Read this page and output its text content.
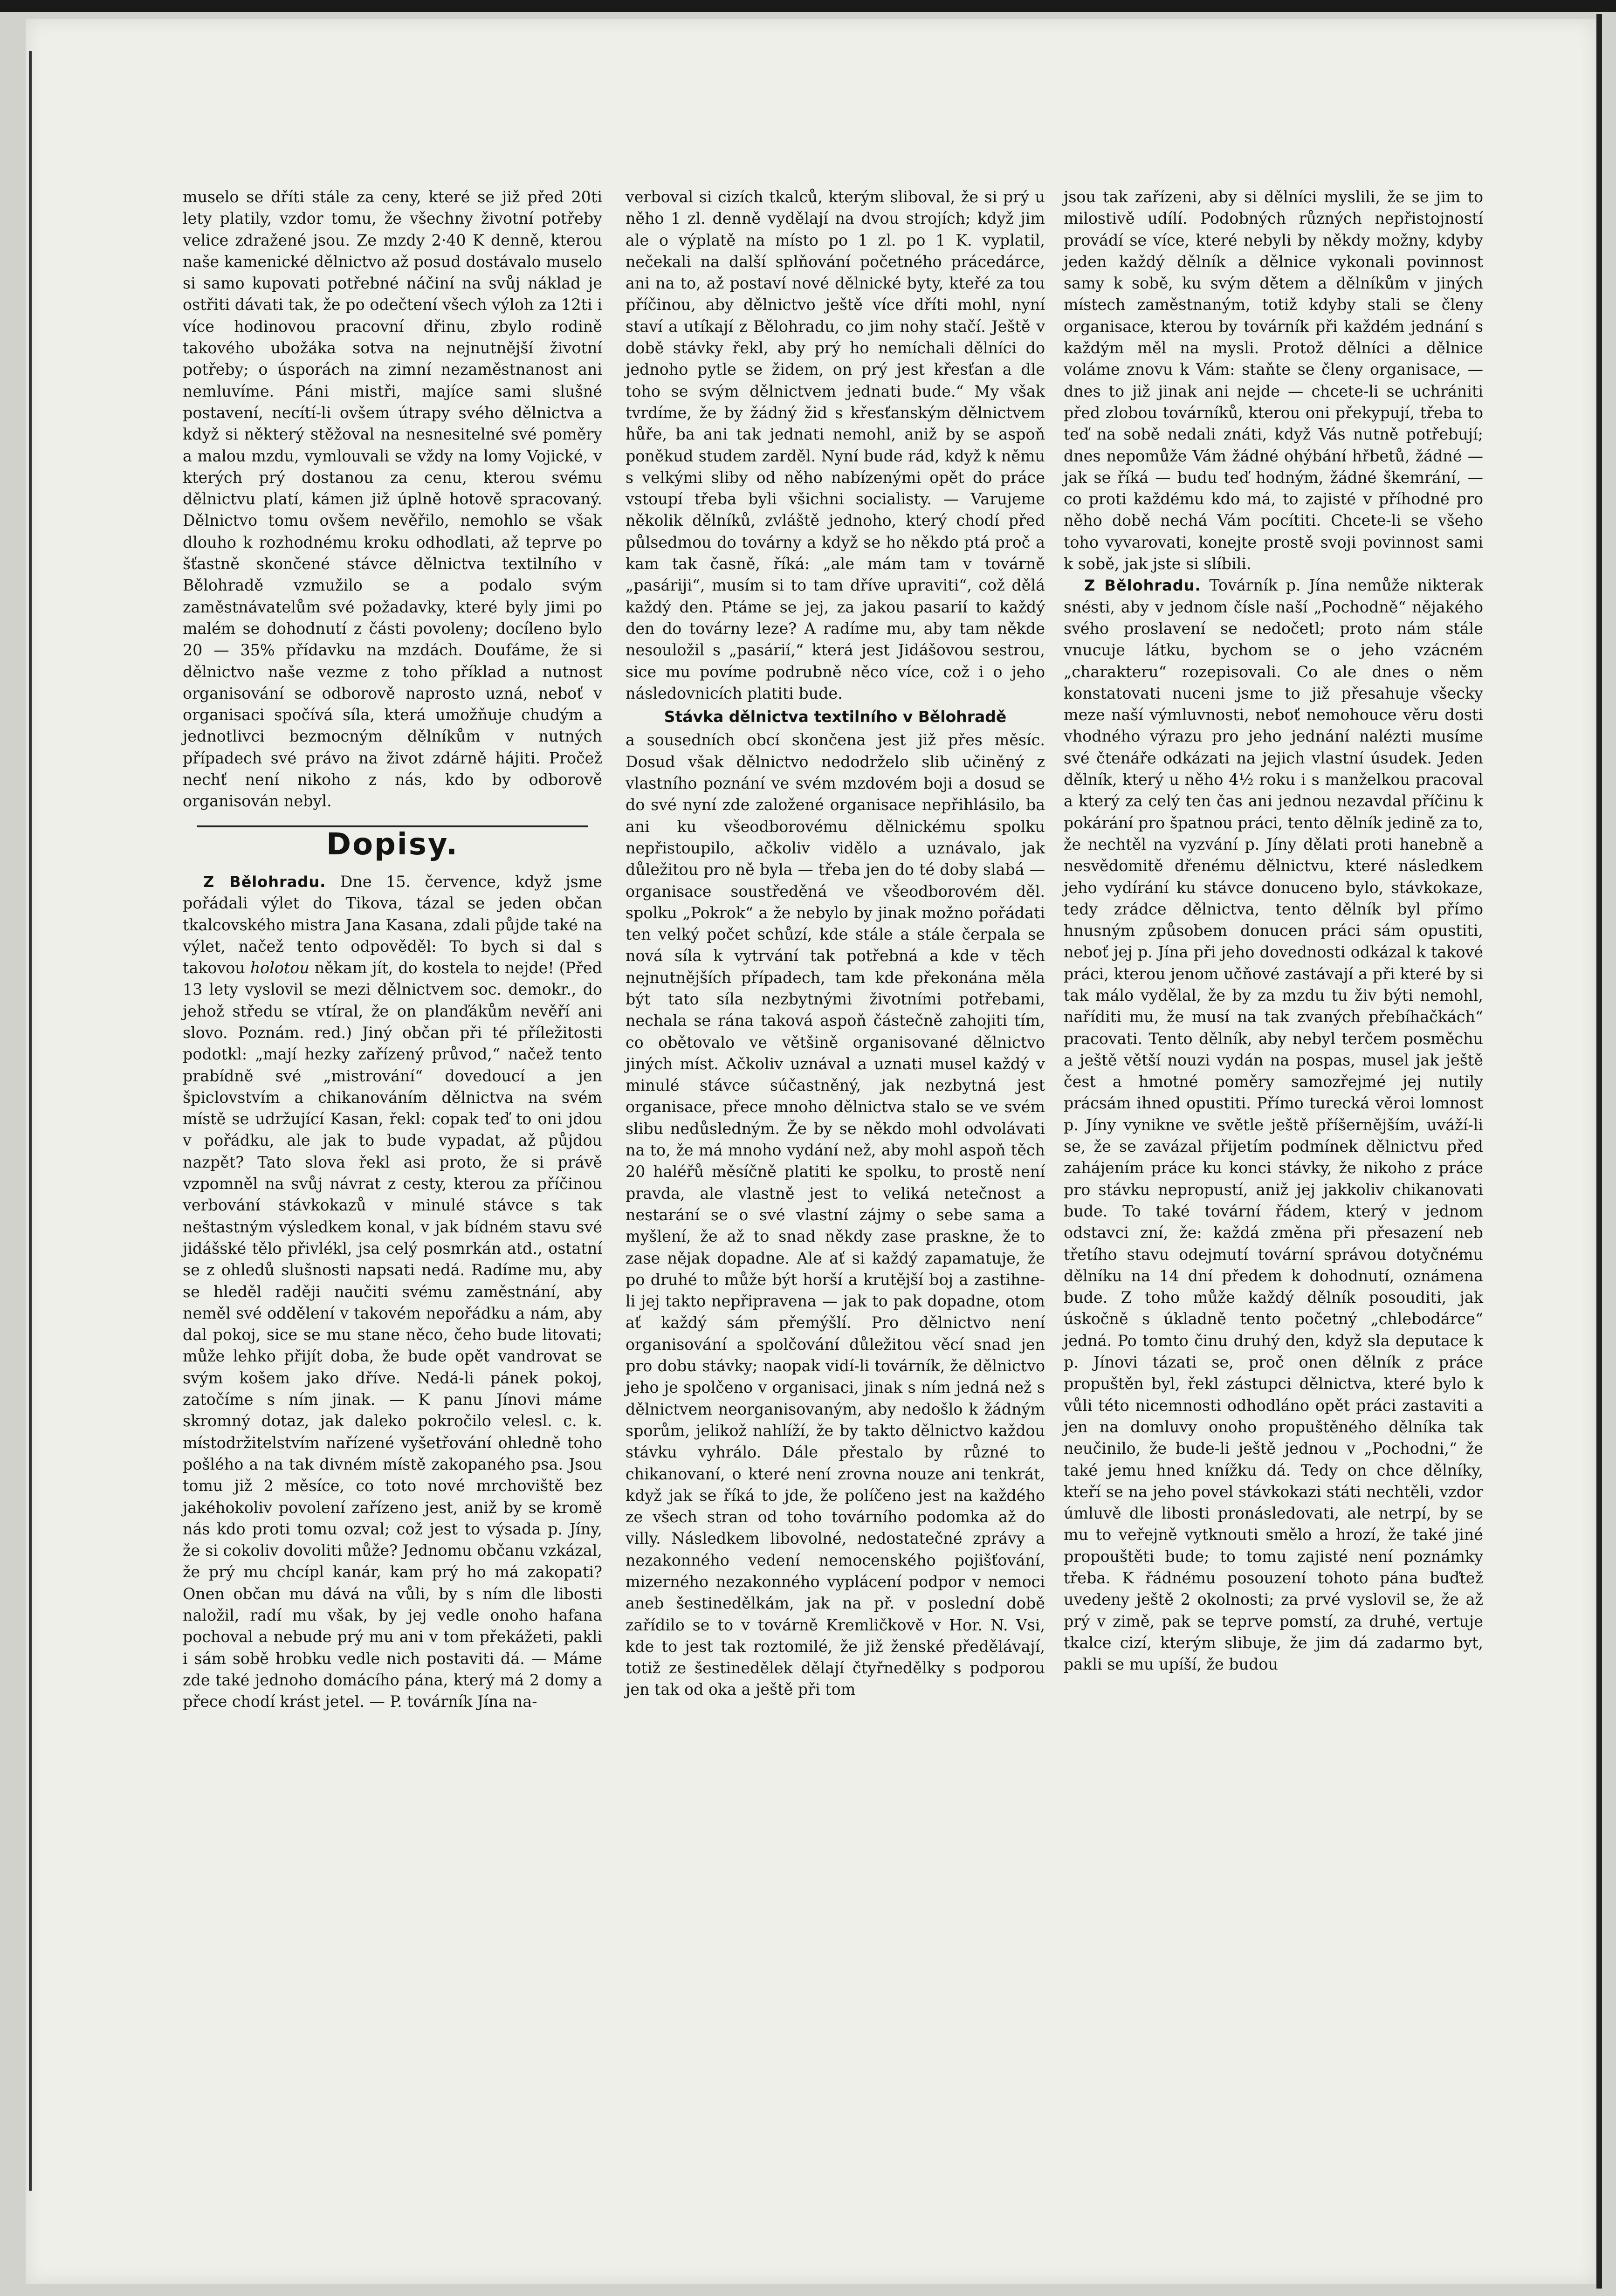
muselo se dříti stále za ceny, které se již před 20ti lety platily, vzdor tomu, že všechny životní potřeby velice zdražené jsou. Ze mzdy 2·40 K denně, kterou naše kamenické dělnictvo až posud dostávalo muselo si samo kupovati potřebné náčiní na svůj náklad je ostřiti dávati tak, že po odečtení všech výloh za 12ti i více hodinovou pracovní dřinu, zbylo rodině takového ubožáka sotva na nejnutnější životní potřeby; o úsporách na zimní nezaměstnanost ani nemluvíme. Páni mistři, majíce sami slušné postavení, necítí-li ovšem útrapy svého dělnictva a když si některý stěžoval na nesnesitelné své poměry a malou mzdu, vymlouvali se vždy na lomy Vojické, v kterých prý dostanou za cenu, kterou svému dělnictvu platí, kámen již úplně hotově spracovaný. Dělnictvo tomu ovšem nevěřilo, nemohlo se však dlouho k rozhodnému kroku odhodlati, až teprve po šťastně skončené stávce dělnictva textilního v Bělohradě vzmužilo se a podalo svým zaměstnávatelům své požadavky, které byly jimi po malém se dohodnutí z části povoleny; docíleno bylo 20 — 35% přídavku na mzdách. Doufáme, že si dělnictvo naše vezme z toho příklad a nutnost organisování se odborově naprosto uzná, neboť v organisaci spočívá síla, která umožňuje chudým a jednotlivci bezmocným dělníkům v nutných případech své právo na život zdárně hájiti. Pročež nechť není nikoho z nás, kdo by odborově organisován nebyl.

Dopisy.

Z Bělohradu. Dne 15. července, když jsme pořádali výlet do Tikova, tázal se jeden občan tkalcovského mistra Jana Kasana, zdali půjde také na výlet, načež tento odpověděl: To bych si dal s takovou holotou někam jít, do kostela to nejde! (Před 13 lety vyslovil se mezi dělnictvem soc. demokr., do jehož středu se vtíral, že on planďákům nevěří ani slovo. Poznám. red.) Jiný občan při té příležitosti podotkl: „mají hezky zařízený průvod,“ načež tento prabídně své „mistrování“ dovedoucí a jen špiclovstvím a chikanováním dělnictva na svém místě se udržující Kasan, řekl: copak teď to oni jdou v pořádku, ale jak to bude vypadat, až půjdou nazpět? Tato slova řekl asi proto, že si právě vzpomněl na svůj návrat z cesty, kterou za příčinou verbování stávkokazů v minulé stávce s tak neštastným výsledkem konal, v jak bídném stavu své jidášské tělo přivlékl, jsa celý posmrkán atd., ostatní se z ohledů slušnosti napsati nedá. Radíme mu, aby se hleděl raději naučiti svému zaměstnání, aby neměl své oddělení v takovém nepořádku a nám, aby dal pokoj, sice se mu stane něco, čeho bude litovati; může lehko přijít doba, že bude opět vandrovat se svým košem jako dříve. Nedá-li pánek pokoj, zatočíme s ním jinak. — K panu Jínovi máme skromný dotaz, jak daleko pokročilo velesl. c. k. místodržitelstvím nařízené vyšetřování ohledně toho pošlého a na tak divném místě zakopaného psa. Jsou tomu již 2 měsíce, co toto nové mrchoviště bez jakéhokoliv povolení zařízeno jest, aniž by se kromě nás kdo proti tomu ozval; což jest to výsada p. Jíny, že si cokoliv dovoliti může? Jednomu občanu vzkázal, že prý mu chcípl kanár, kam prý ho má zakopati? Onen občan mu dává na vůli, by s ním dle libosti naložil, radí mu však, by jej vedle onoho hafana pochoval a nebude prý mu ani v tom překážeti, pakli i sám sobě hrobku vedle nich postaviti dá. — Máme zde také jednoho domácího pána, který má 2 domy a přece chodí krást jetel. — P. továrník Jína na-

verboval si cizích tkalců, kterým sliboval, že si prý u něho 1 zl. denně vydělají na dvou strojích; když jim ale o výplatě na místo po 1 zl. po 1 K. vyplatil, nečekali na další splňování početného prácedárce, ani na to, až postaví nové dělnické byty, kteřé za tou příčinou, aby dělnictvo ještě více dříti mohl, nyní staví a utíkají z Bělohradu, co jim nohy stačí. Ještě v době stávky řekl, aby prý ho nemíchali dělníci do jednoho pytle se židem, on prý jest křesťan a dle toho se svým dělnictvem jednati bude.“ My však tvrdíme, že by žádný žid s křesťanským dělnictvem hůře, ba ani tak jednati nemohl, aniž by se aspoň poněkud studem zarděl. Nyní bude rád, když k němu s velkými sliby od něho nabízenými opět do práce vstoupí třeba byli všichni socialisty. — Varujeme několik dělníků, zvláště jednoho, který chodí před půlsedmou do továrny a když se ho někdo ptá proč a kam tak časně, říká: „ale mám tam v továrně „pasáriji“, musím si to tam dříve upraviti“, což dělá každý den. Ptáme se jej, za jakou pasarií to každý den do továrny leze? A radíme mu, aby tam někde nesouložil s „pasárií,“ která jest Jidášovou sestrou, sice mu povíme podrubně něco více, což i o jeho následovnicích platiti bude.

Stávka dělnictva textilního v Bělohradě

a sousedních obcí skončena jest již přes měsíc. Dosud však dělnictvo nedodrželo slib učiněný z vlastního poznání ve svém mzdovém boji a dosud se do své nyní zde založené organisace nepřihlásilo, ba ani ku všeodborovému dělnickému spolku nepřistoupilo, ačkoliv vidělo a uznávalo, jak důležitou pro ně byla — třeba jen do té doby slabá — organisace soustředěná ve všeodborovém děl. spolku „Pokrok“ a že nebylo by jinak možno pořádati ten velký počet schůzí, kde stále a stále čerpala se nová síla k vytrvání tak potřebná a kde v těch nejnutnějších případech, tam kde překonána měla být tato síla nezbytnými životními potřebami, nechala se rána taková aspoň částečně zahojiti tím, co obětovalo ve většině organisované dělnictvo jiných míst. Ačkoliv uznával a uznati musel každý v minulé stávce súčastněný, jak nezbytná jest organisace, přece mnoho dělnictva stalo se ve svém slibu nedůsledným. Že by se někdo mohl odvolávati na to, že má mnoho vydání než, aby mohl aspoň těch 20 haléřů měsíčně platiti ke spolku, to prostě není pravda, ale vlastně jest to veliká netečnost a nestarání se o své vlastní zájmy o sebe sama a myšlení, že až to snad někdy zase praskne, že to zase nějak dopadne. Ale ať si každý zapamatuje, že po druhé to může být horší a krutější boj a zastihne-li jej takto nepřipravena — jak to pak dopadne, otom ať každý sám přemýšlí. Pro dělnictvo není organisování a spolčování důležitou věcí snad jen pro dobu stávky; naopak vidí-li továrník, že dělnictvo jeho je spolčeno v organisaci, jinak s ním jedná než s dělnictvem neorganisovaným, aby nedošlo k žádným sporům, jelikož nahlíží, že by takto dělnictvo každou stávku vyhrálo. Dále přestalo by různé to chikanovaní, o které není zrovna nouze ani tenkrát, když jak se říká to jde, že políčeno jest na každého ze všech stran od toho továrního podomka až do villy. Následkem libovolné, nedostatečné zprávy a nezakonného vedení nemocenského pojišťování, mizerného nezakonného vyplácení podpor v nemoci aneb šestinedělkám, jak na př. v poslední době zařídilo se to v továrně Kremličkově v Hor. N. Vsi, kde to jest tak roztomilé, že již ženské předělávají, totiž ze šestinedělek dělají čtyřnedělky s podporou jen tak od oka a ještě při tom

jsou tak zařízeni, aby si dělníci myslili, že se jim to milostivě udílí. Podobných různých nepřistojností provádí se více, které nebyli by někdy možny, kdyby jeden každý dělník a dělnice vykonali povinnost samy k sobě, ku svým dětem a dělníkům v jiných místech zaměstnaným, totiž kdyby stali se členy organisace, kterou by továrník při každém jednání s každým měl na mysli. Protož dělníci a dělnice voláme znovu k Vám: staňte se členy organisace, — dnes to již jinak ani nejde — chcete-li se uchrániti před zlobou továrníků, kterou oni překypují, třeba to teď na sobě nedali znáti, když Vás nutně potřebují; dnes nepomůže Vám žádné ohýbání hřbetů, žádné — jak se říká — budu teď hodným, žádné škemrání, — co proti každému kdo má, to zajisté v příhodné pro něho době nechá Vám pocítiti. Chcete-li se všeho toho vyvarovati, konejte prostě svoji povinnost sami k sobě, jak jste si slíbili.

Z Bělohradu. Továrník p. Jína nemůže nikterak snésti, aby v jednom čísle naší „Pochodně“ nějakého svého proslavení se nedočetl; proto nám stále vnucuje látku, bychom se o jeho vzácném „charakteru“ rozepisovali. Co ale dnes o něm konstatovati nuceni jsme to již přesahuje všecky meze naší výmluvnosti, neboť nemohouce věru dosti vhodného výrazu pro jeho jednání nalézti musíme své čtenáře odkázati na jejich vlastní úsudek. Jeden dělník, který u něho 4½ roku i s manželkou pracoval a který za celý ten čas ani jednou nezavdal příčinu k pokárání pro špatnou práci, tento dělník jedině za to, že nechtěl na vyzvání p. Jíny dělati proti hanebně a nesvědomitě dřenému dělnictvu, které následkem jeho vydírání ku stávce donuceno bylo, stávkokaze, tedy zrádce dělnictva, tento dělník byl přímo hnusným způsobem donucen práci sám opustiti, neboť jej p. Jína při jeho dovednosti odkázal k takové práci, kterou jenom učňové zastávají a při které by si tak málo vydělal, že by za mzdu tu živ býti nemohl, naříditi mu, že musí na tak zvaných přebíhačkách“ pracovati. Tento dělník, aby nebyl terčem posměchu a ještě větší nouzi vydán na pospas, musel jak ještě čest a hmotné poměry samozřejmé jej nutily prácsám ihned opustiti. Přímo turecká věroi lomnost p. Jíny vynikne ve světle ještě příšernějším, uváží-li se, že se zavázal přijetím podmínek dělnictvu před zahájením práce ku konci stávky, že nikoho z práce pro stávku nepropustí, aniž jej jakkoliv chikanovati bude. To také tovární řádem, který v jednom odstavci zní, že: každá změna při přesazení neb třetího stavu odejmutí tovární správou dotyčnému dělníku na 14 dní předem k dohodnutí, oznámena bude. Z toho může každý dělník posouditi, jak úskočně s úkladně tento početný „chlebodárce“ jedná. Po tomto činu druhý den, když sla deputace k p. Jínovi tázati se, proč onen dělník z práce propuštěn byl, řekl zástupci dělnictva, které bylo k vůli této nicemnosti odhodláno opět práci zastaviti a jen na domluvy onoho propuštěného dělníka tak neučinilo, že bude-li ještě jednou v „Pochodni,“ že také jemu hned knížku dá. Tedy on chce dělníky, kteří se na jeho povel stávkokazi státi nechtěli, vzdor úmluvě dle libosti pronásledovati, ale netrpí, by se mu to veřejně vytknouti smělo a hrozí, že také jiné propouštěti bude; to tomu zajisté není poznámky třeba. K řádnému posouzení tohoto pána buďtež uvedeny ještě 2 okolnosti; za prvé vyslovil se, že až prý v zimě, pak se teprve pomstí, za druhé, vertuje tkalce cizí, kterým slibuje, že jim dá zadarmo byt, pakli se mu upíší, že budou
